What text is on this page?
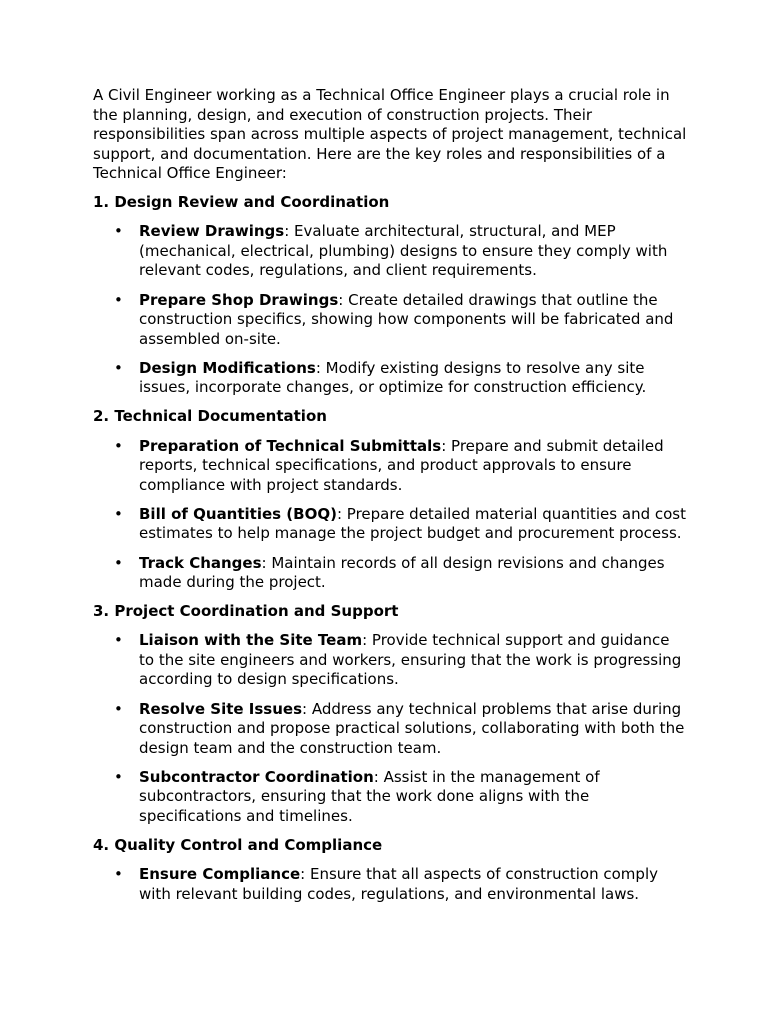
A Civil Engineer working as a Technical Office Engineer plays a crucial role in the planning, design, and execution of construction projects. Their responsibilities span across multiple aspects of project management, technical support, and documentation. Here are the key roles and responsibilities of a Technical Office Engineer:

1. Design Review and Coordination
• Review Drawings: Evaluate architectural, structural, and MEP (mechanical, electrical, plumbing) designs to ensure they comply with relevant codes, regulations, and client requirements.
• Prepare Shop Drawings: Create detailed drawings that outline the construction specifics, showing how components will be fabricated and assembled on-site.
• Design Modifications: Modify existing designs to resolve any site issues, incorporate changes, or optimize for construction efficiency.
2. Technical Documentation
• Preparation of Technical Submittals: Prepare and submit detailed reports, technical specifications, and product approvals to ensure compliance with project standards.
• Bill of Quantities (BOQ): Prepare detailed material quantities and cost estimates to help manage the project budget and procurement process.
• Track Changes: Maintain records of all design revisions and changes made during the project.
3. Project Coordination and Support
• Liaison with the Site Team: Provide technical support and guidance to the site engineers and workers, ensuring that the work is progressing according to design specifications.
• Resolve Site Issues: Address any technical problems that arise during construction and propose practical solutions, collaborating with both the design team and the construction team.
• Subcontractor Coordination: Assist in the management of subcontractors, ensuring that the work done aligns with the specifications and timelines.
4. Quality Control and Compliance
• Ensure Compliance: Ensure that all aspects of construction comply with relevant building codes, regulations, and environmental laws.
